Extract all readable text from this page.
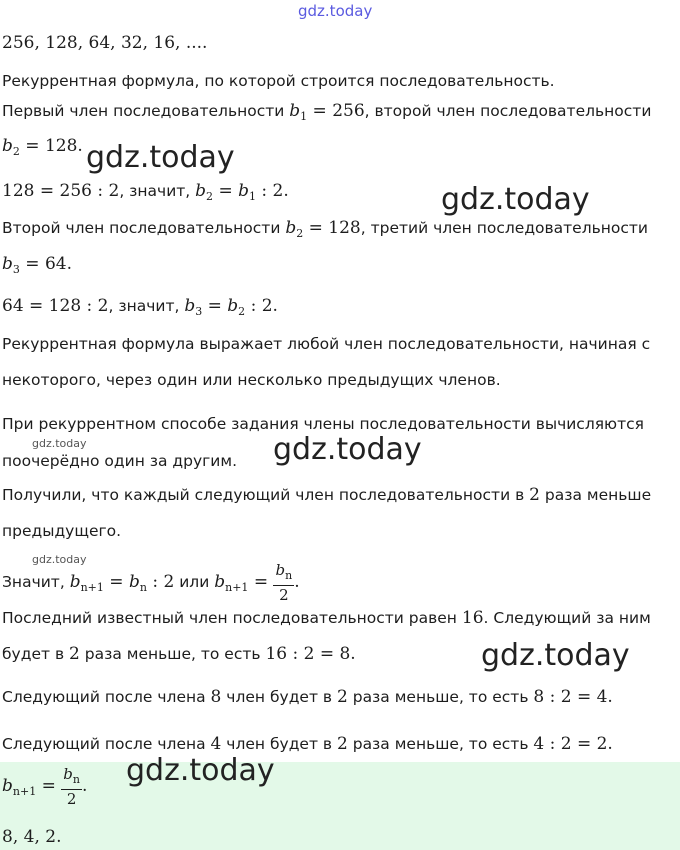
gdz.today
256, 128, 64, 32, 16, ....
Рекуррентная формула, по которой строится последовательность.
Первый член последовательности $b_1 = 256$, второй член последовательности
$b_2 = 128$. gdz.today
128 = 256 : 2, значит, $b_2 = b_1$ : 2.	gdz.today
Второй член последовательности $b_2 = 128$, третий член последовательности
$b_3 = 64$.
64 = 128 : 2, значит, $b_3 = b_2$ : 2.
Рекуррентная формула выражает любой член последовательности, начиная с
некоторого, через один или несколько предыдущих членов.
При рекуррентном способе задания члены последовательности вычисляются
gdz.today
поочерёдно один за другим. gdz.today
Получили, что каждый следующий член последовательности в 2 раза меньше
предыдущего.
gdz.today
Значит, $b_{n+1} = b_n$ : 2 или $b_{n+1} = \frac{b_n}{2}$ .
Последний известный член последовательности равен 16. Следующий за ним
будет в 2 раза меньше, то есть 16 : 2 = 8.	gdz.today
Следующий после члена 8 член будет в 2 раза меньше, то есть 8 : 2 = 4.
Следующий после члена 4 член будет в 2 раза меньше, то есть 4 : 2 = 2.
$b_{n+1} = \frac{b_n}{2}$ . gdz.today
8, 4, 2.
